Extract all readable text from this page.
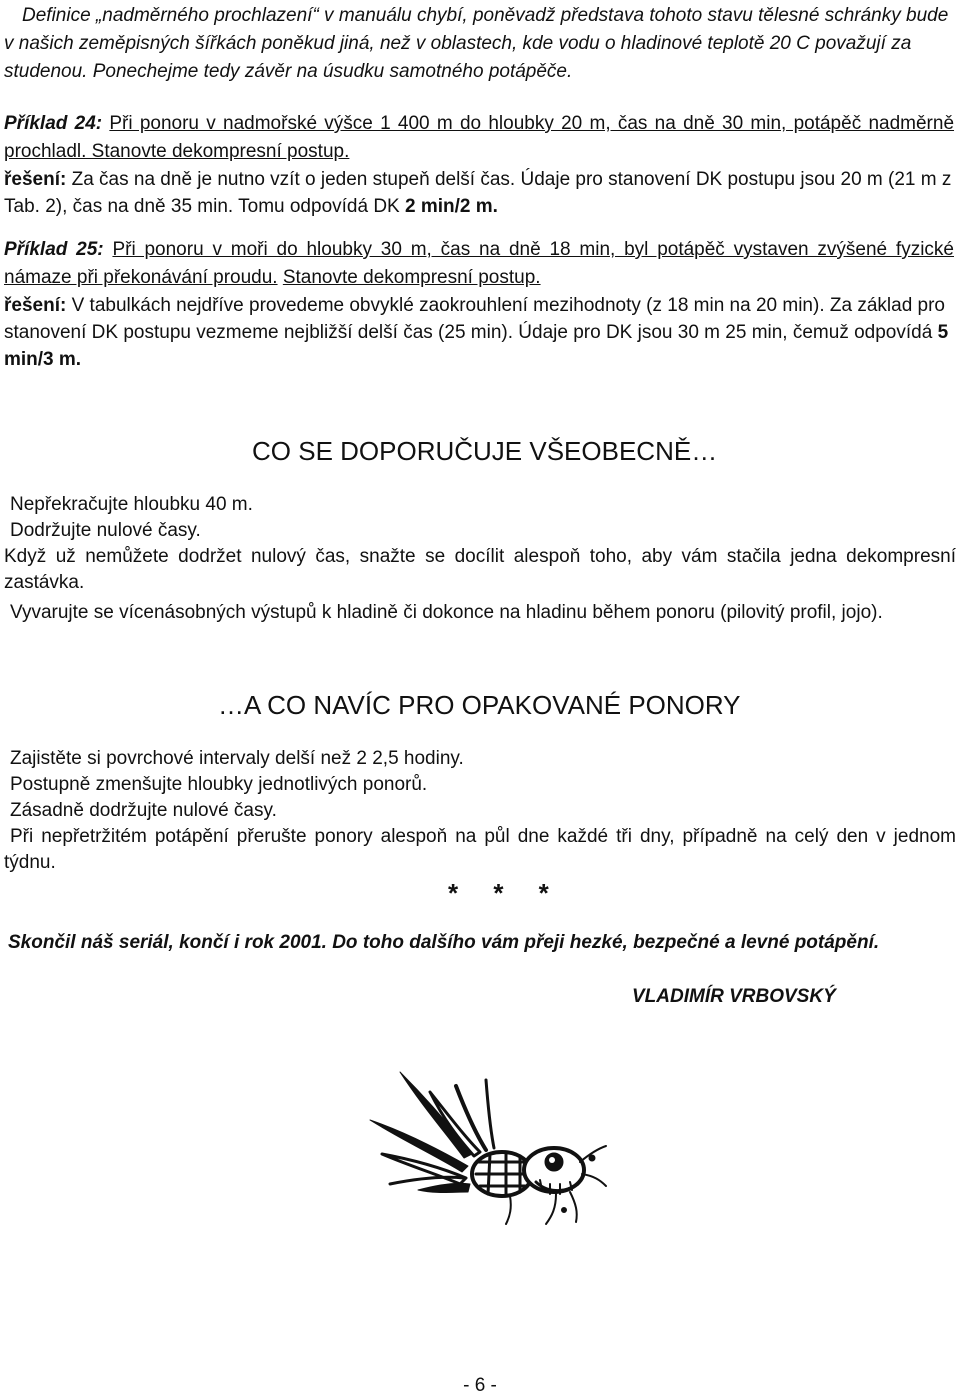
Definice „nadměrného prochlazení“ v manuálu chybí, poněvadž představa tohoto stavu tělesné schránky bude v našich zeměpisných šířkách poněkud jiná, než v oblastech, kde vodu o hladinové teplotě 20 C považují za studenou. Ponechejme tedy závěr na úsudku samotného potápěče.

Příklad 24: Při ponoru v nadmořské výšce 1 400 m do hloubky 20 m, čas na dně 30 min, potápěč nadměrně prochladl. Stanovte dekompresní postup.

řešení: Za čas na dně je nutno vzít o jeden stupeň delší čas. Údaje pro stanovení DK postupu jsou 20 m (21 m z Tab. 2), čas na dně 35 min. Tomu odpovídá DK 2 min/2 m.

Příklad 25: Při ponoru v moři do hloubky 30 m, čas na dně 18 min, byl potápěč vystaven zvýšené fyzické námaze při překonávání proudu. Stanovte dekompresní postup.

řešení: V tabulkách nejdříve provedeme obvyklé zaokrouhlení mezihodnoty (z 18 min na 20 min). Za základ pro stanovení DK postupu vezmeme nejbližší delší čas (25 min). Údaje pro DK jsou 30 m 25 min, čemuž odpovídá 5 min/3 m.

CO SE DOPORUČUJE VŠEOBECNĚ…

Nepřekračujte hloubku 40 m.

Dodržujte nulové časy.

Když už nemůžete dodržet nulový čas, snažte se docílit alespoň toho, aby vám stačila jedna dekompresní zastávka.

Vyvarujte se vícenásobných výstupů k hladině či dokonce na hladinu během ponoru (pilovitý profil, jojo).

…A CO NAVÍC PRO OPAKOVANÉ PONORY

Zajistěte si povrchové intervaly delší než 2 2,5 hodiny.

Postupně zmenšujte hloubky jednotlivých ponorů.

Zásadně dodržujte nulové časy.

Při nepřetržitém potápění přerušte ponory alespoň na půl dne každé tři dny, případně na celý den v jednom týdnu.

* * *

Skončil náš seriál, končí i rok 2001. Do toho dalšího vám přeji hezké, bezpečné a levné potápění.

VLADIMÍR VRBOVSKÝ

- 6 -
